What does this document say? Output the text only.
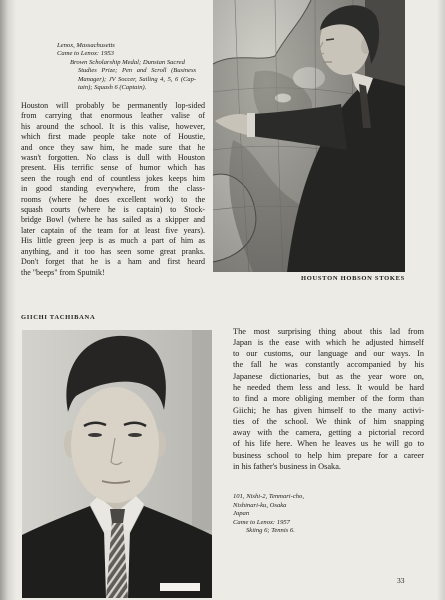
Lenox, Massachusetts
Came to Lenox: 1953
Brown Scholarship Medal; Dunstan Sacred
Studies Prize; Pen and Scroll (Business
Manager); JV Soccer, Sailing 4, 5, 6 (Cap-
tain); Squash 6 (Captain).
Houston will probably be permanently lop-sided
from carrying that enormous leather valise of
his around the school. It is this valise, however,
which first made people take note of Houstie,
and once they saw him, he made sure that he
wasn't forgotten. No class is dull with Houston
present. His terrific sense of humor which has
seen the rough end of countless jokes keeps him
in good standing everywhere, from the class-
rooms (where he does excellent work) to the
squash courts (where he is captain) to Stock-
bridge Bowl (where he has sailed as a skipper and
later captain of the team for at least five years).
His little green jeep is as much a part of him as
anything, and it too has seen some great pranks.
Don't forget that he is a ham and first heard
the "beeps" from Sputnik!
HOUSTON HOBSON STOKES
GIICHI TACHIBANA
The most surprising thing about this lad from
Japan is the ease with which he adjusted himself
to our customs, our language and our ways. In
the fall he was constantly accompanied by his
Japanese dictionaries, but as the year wore on,
he needed them less and less. It would be hard
to find a more obliging member of the form than
Giichi; he has given himself to the many activi-
ties of the school. We think of him snapping
away with the camera, getting a pictorial record
of his life here. When he leaves us he will go to
business school to help him prepare for a career
in his father's business in Osaka.
101, Nishi-2, Tenmari-cho,
Nishinari-ku, Osaka
Japan
Came to Lenox: 1957
Skiing 6; Tennis 6.
33
